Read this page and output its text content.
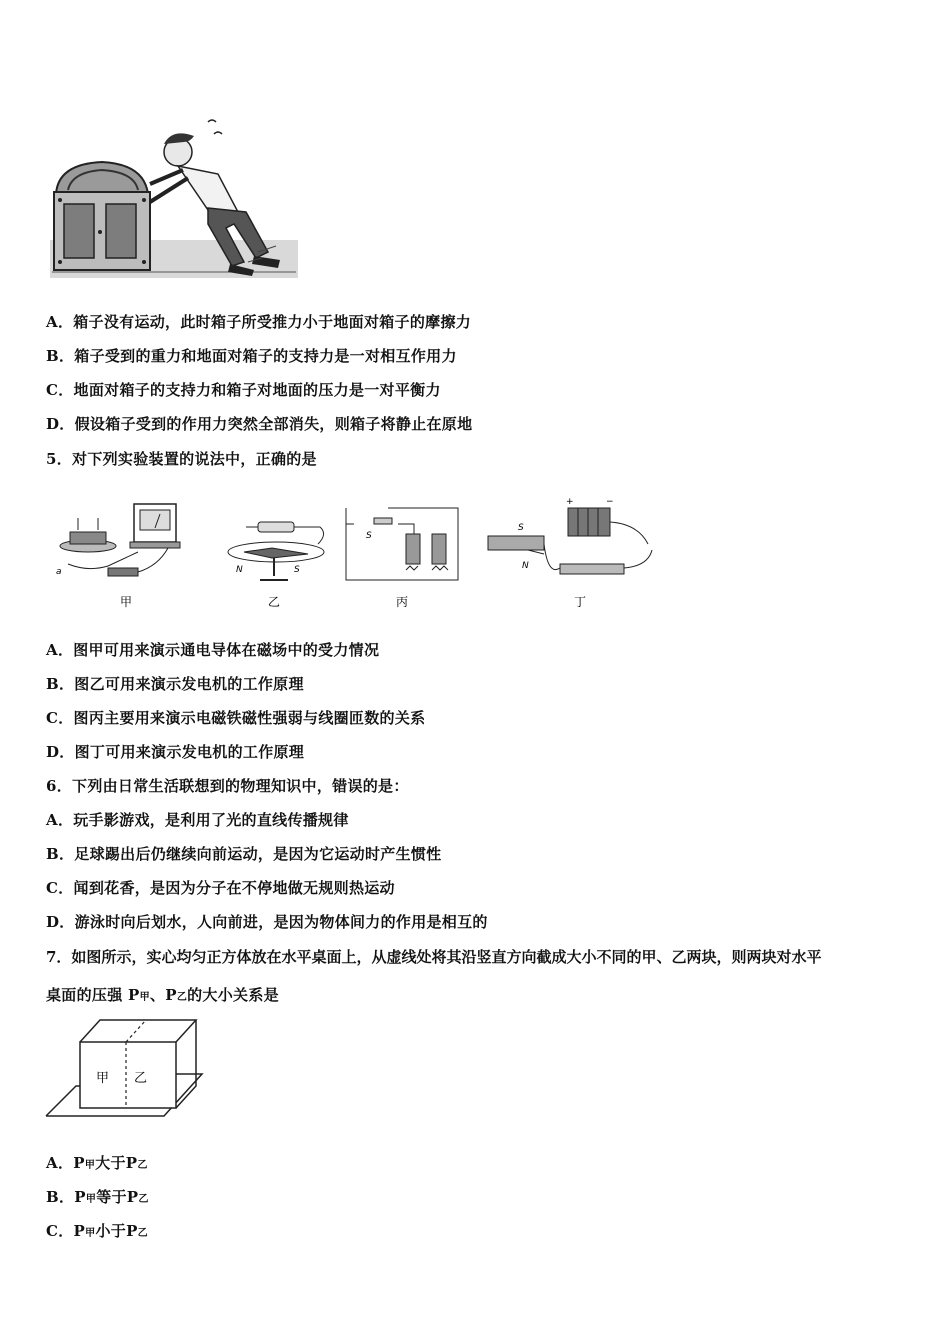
A．箱子没有运动，此时箱子所受推力小于地面对箱子的摩擦力
B．箱子受到的重力和地面对箱子的支持力是一对相互作用力
C．地面对箱子的支持力和箱子对地面的压力是一对平衡力
D．假设箱子受到的作用力突然全部消失，则箱子将静止在原地
5．对下列实验装置的说法中，正确的是
a	N	S
S
+	−
S
N
甲	乙	丙	丁
A．图甲可用来演示通电导体在磁场中的受力情况
B．图乙可用来演示发电机的工作原理
C．图丙主要用来演示电磁铁磁性强弱与线圈匝数的关系
D．图丁可用来演示发电机的工作原理
6．下列由日常生活联想到的物理知识中，错误的是：
A．玩手影游戏，是利用了光的直线传播规律
B．足球踢出后仍继续向前运动，是因为它运动时产生惯性
C．闻到花香，是因为分子在不停地做无规则热运动
D．游泳时向后划水，人向前进，是因为物体间力的作用是相互的
7．如图所示，实心均匀正方体放在水平桌面上，从虚线处将其沿竖直方向截成大小不同的甲、乙两块，则两块对水平
桌面的压强 P甲、P乙的大小关系是
甲 乙
A．P甲大于P乙
B．P甲等于P乙
C．P甲小于P乙
